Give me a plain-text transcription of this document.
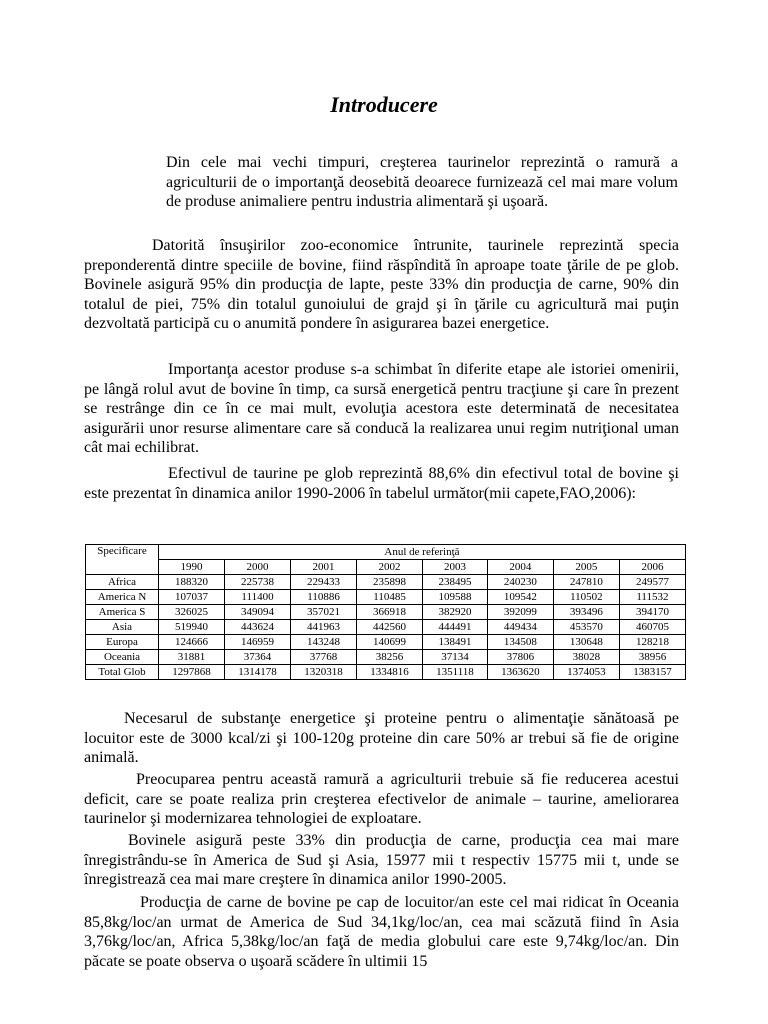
Introducere

Din cele mai vechi timpuri, creşterea taurinelor reprezintă o ramură a agriculturii de o importanţă deosebită deoarece furnizează cel mai mare volum de produse animaliere pentru industria alimentară şi uşoară.

Datorită însuşirilor zoo-economice întrunite, taurinele reprezintă specia preponderentă dintre speciile de bovine, fiind răspîndită în aproape toate ţările de pe glob. Bovinele asigură 95% din producţia de lapte, peste 33% din producţia de carne, 90% din totalul de piei, 75% din totalul gunoiului de grajd şi în ţările cu agricultură mai puţin dezvoltată participă cu o anumită pondere în asigurarea bazei energetice.

Importanţa acestor produse s-a schimbat în diferite etape ale istoriei omenirii, pe lângă rolul avut de bovine în timp, ca sursă energetică pentru tracţiune şi care în prezent se restrânge din ce în ce mai mult, evoluţia acestora este determinată de necesitatea asigurării unor resurse alimentare care să conducă la realizarea unui regim nutriţional uman cât mai echilibrat.

Efectivul de taurine pe glob reprezintă 88,6% din efectivul total de bovine şi este prezentat în dinamica anilor 1990-2006 în tabelul următor(mii capete,FAO,2006):

Specificare	Anul de referinţă							
	1990	2000	2001	2002	2003	2004	2005	2006
Africa	188320	225738	229433	235898	238495	240230	247810	249577
America N	107037	111400	110886	110485	109588	109542	110502	111532
America S	326025	349094	357021	366918	382920	392099	393496	394170
Asia	519940	443624	441963	442560	444491	449434	453570	460705
Europa	124666	146959	143248	140699	138491	134508	130648	128218
Oceania	31881	37364	37768	38256	37134	37806	38028	38956
Total Glob	1297868	1314178	1320318	1334816	1351118	1363620	1374053	1383157

Necesarul de substanţe energetice şi proteine pentru o alimentaţie sănătoasă pe locuitor este de 3000 kcal/zi şi 100-120g proteine din care 50% ar trebui să fie de origine animală.

Preocuparea pentru această ramură a agriculturii trebuie să fie reducerea acestui deficit, care se poate realiza prin creşterea efectivelor de animale – taurine, ameliorarea taurinelor şi modernizarea tehnologiei de exploatare.

Bovinele asigură peste 33% din producţia de carne, producţia cea mai mare înregistrându-se în America de Sud şi Asia, 15977 mii t respectiv 15775 mii t, unde se înregistrează cea mai mare creştere în dinamica anilor 1990-2005.

Producţia de carne de bovine pe cap de locuitor/an este cel mai ridicat în Oceania 85,8kg/loc/an urmat de America de Sud 34,1kg/loc/an, cea mai scăzută fiind în Asia 3,76kg/loc/an, Africa 5,38kg/loc/an faţă de media globului care este 9,74kg/loc/an. Din păcate se poate observa o uşoară scădere în ultimii 15
